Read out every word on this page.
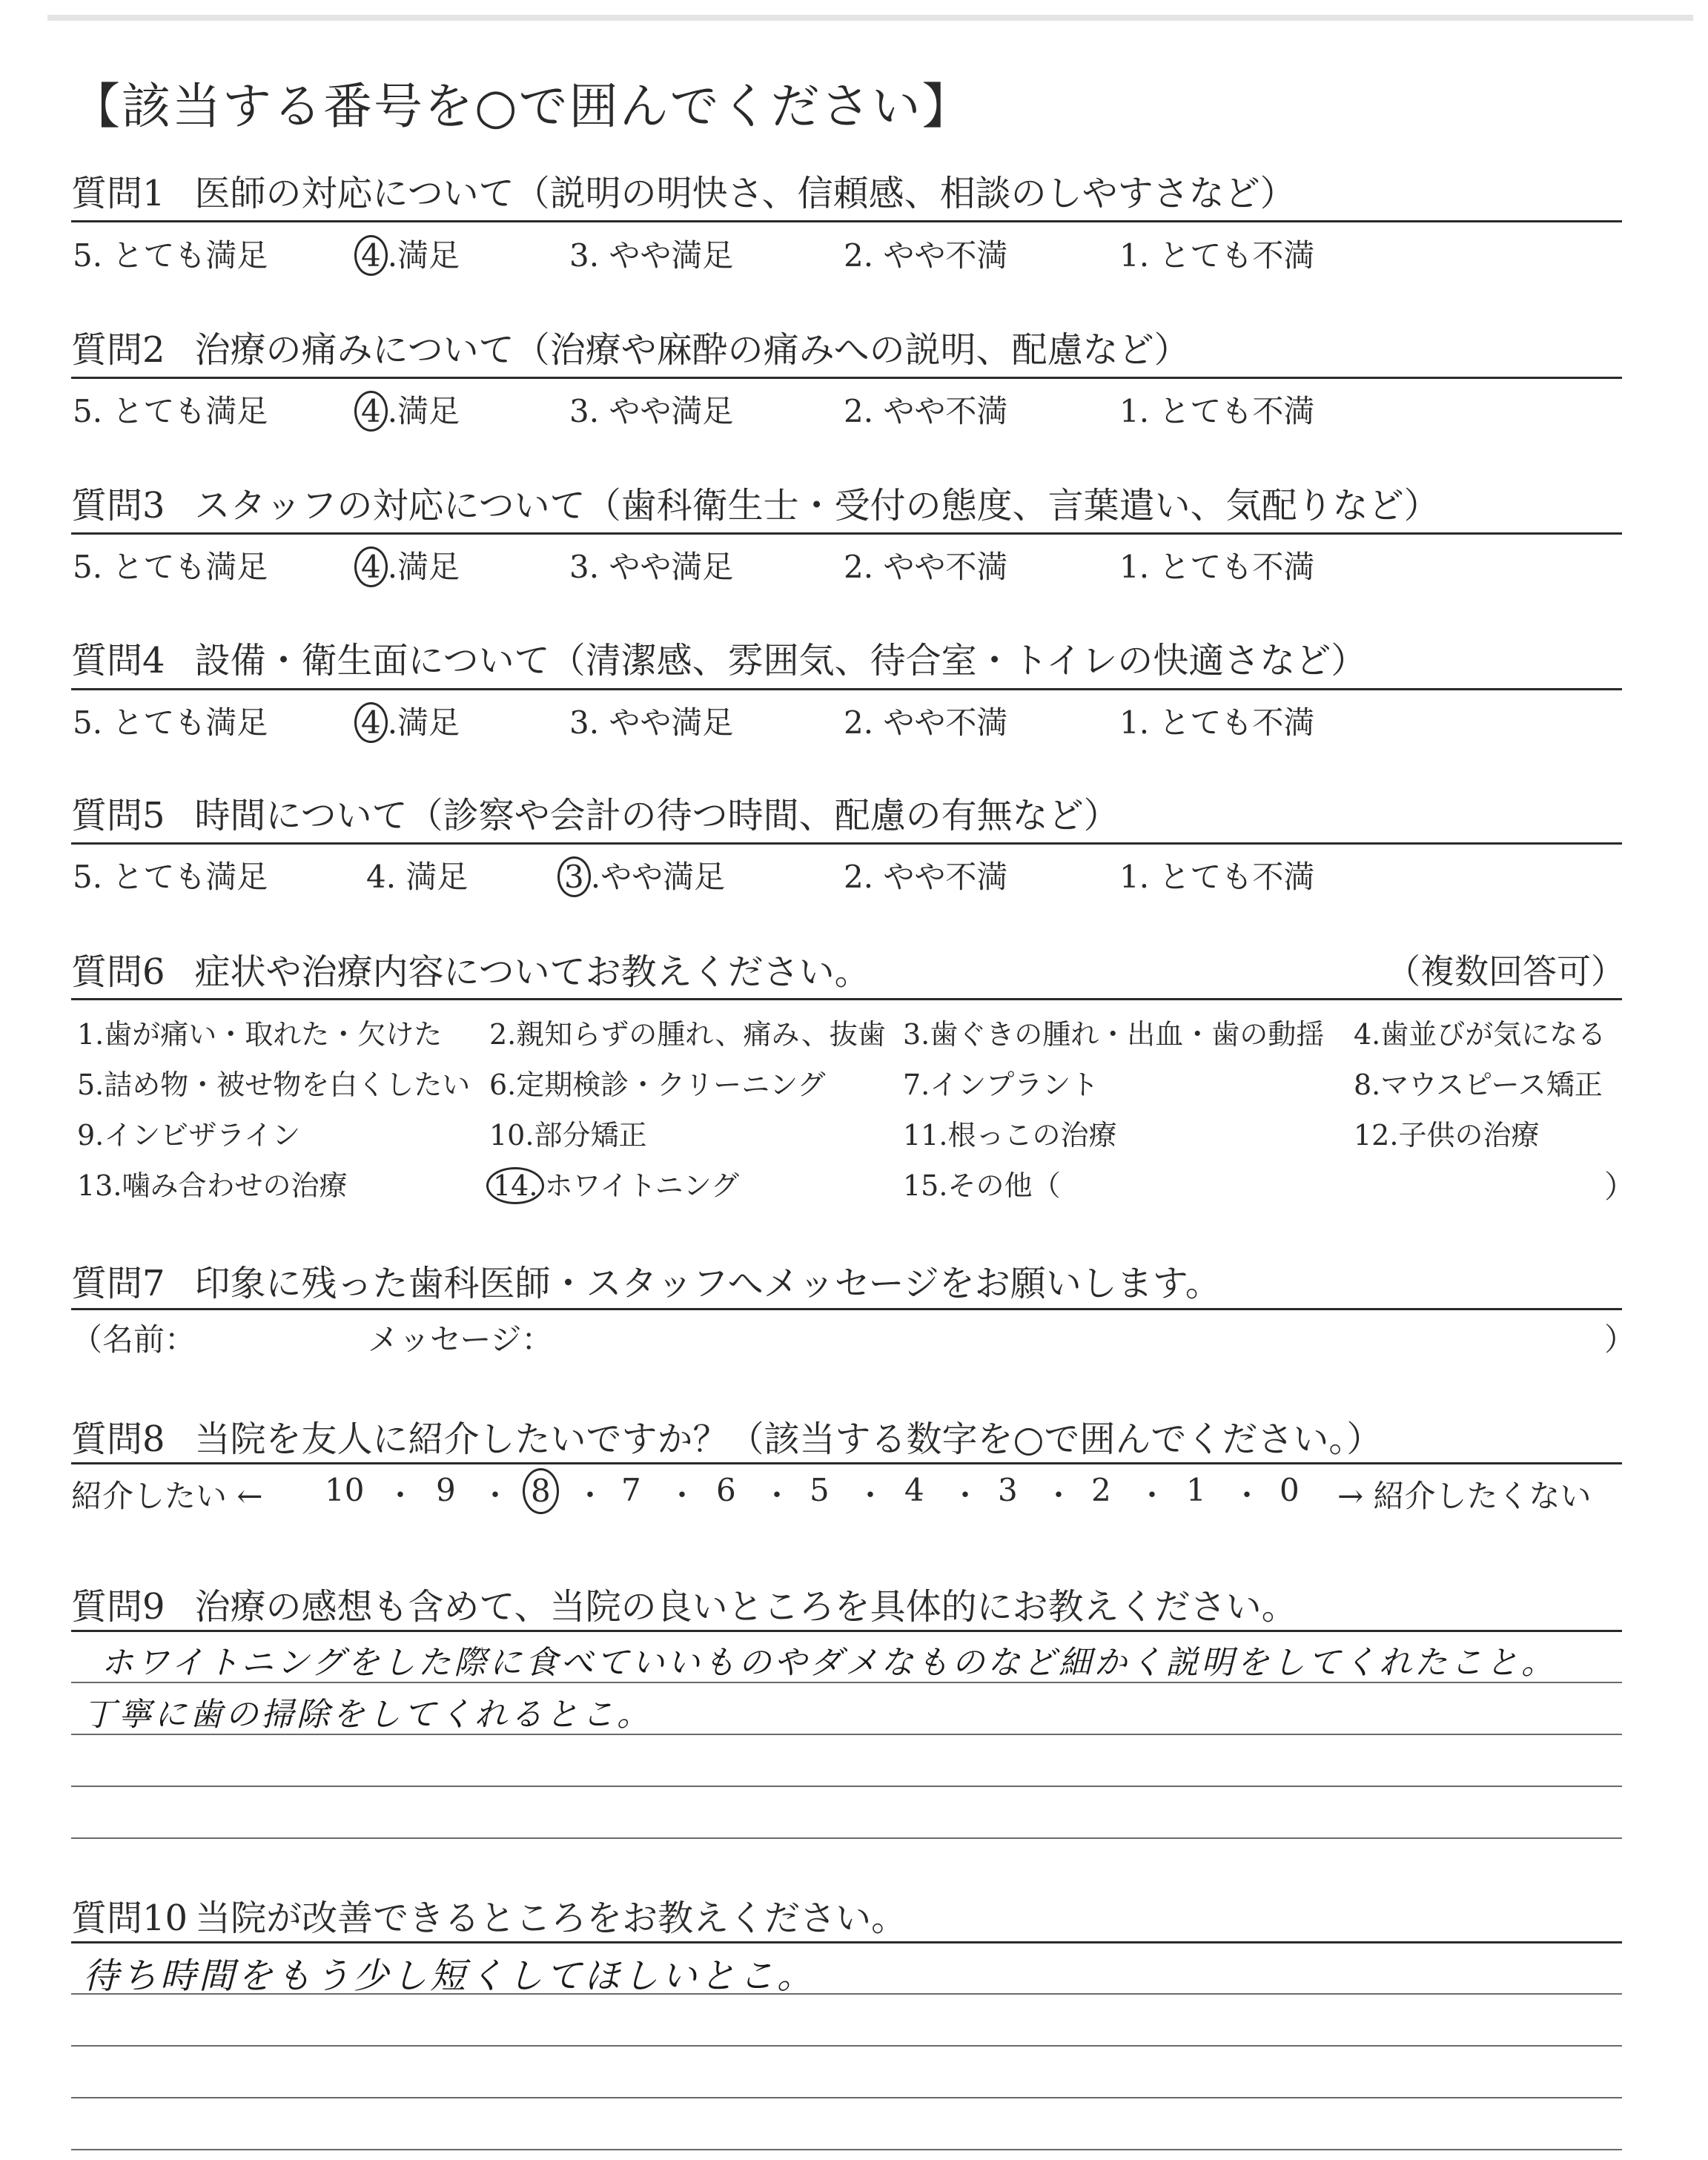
【該当する番号を○で囲んでください】
質問1 医師の対応について（説明の明快さ、信頼感、相談のしやすさなど）
5. とても満足	4 .満足	3. やや満足	2. やや不満	1. とても不満
質問2 治療の痛みについて（治療や麻酔の痛みへの説明、配慮など）
5. とても満足	4 .満足	3. やや満足	2. やや不満	1. とても不満
質問3 スタッフの対応について（歯科衛生士・受付の態度、言葉遣い、気配りなど）
5. とても満足	4 .満足	3. やや満足	2. やや不満	1. とても不満
質問4 設備・衛生面について（清潔感、雰囲気、待合室・トイレの快適さなど）
5. とても満足	4 .満足	3. やや満足	2. やや不満	1. とても不満
質問5 時間について（診察や会計の待つ時間、配慮の有無など）
5. とても満足	4. 満足	3 .やや満足	2. やや不満	1. とても不満
質問6 症状や治療内容についてお教えください。	（複数回答可）
1.歯が痛い・取れた・欠けた 2.親知らずの腫れ、痛み、抜歯 3.歯ぐきの腫れ・出血・歯の動揺 4.歯並びが気になる
5.詰め物・被せ物を白くしたい 6.定期検診・クリーニング	7.インプラント	8.マウスピース矯正
9.インビザライン	10.部分矯正	11.根っこの治療	12.子供の治療
13.噛み合わせの治療	14. ホワイトニング	15.その他（	）
質問7 印象に残った歯科医師・スタッフへメッセージをお願いします。
（名前：	メッセージ：	）
質問8 当院を友人に紹介したいですか？（該当する数字を○で囲んでください。）
紹介したい ← 10 ・ 9 ・ 8 ・ 7 ・ 6 ・ 5 ・ 4 ・ 3 ・ 2 ・ 1 ・ 0 → 紹介したくない
質問9 治療の感想も含めて、当院の良いところを具体的にお教えください。
ホワイトニングをした際に食べていいものやダメなものなど細かく説明をしてくれたこと。
丁寧に歯の掃除をしてくれるとこ。
質問10 当院が改善できるところをお教えください。
待ち時間をもう少し短くしてほしいとこ。
